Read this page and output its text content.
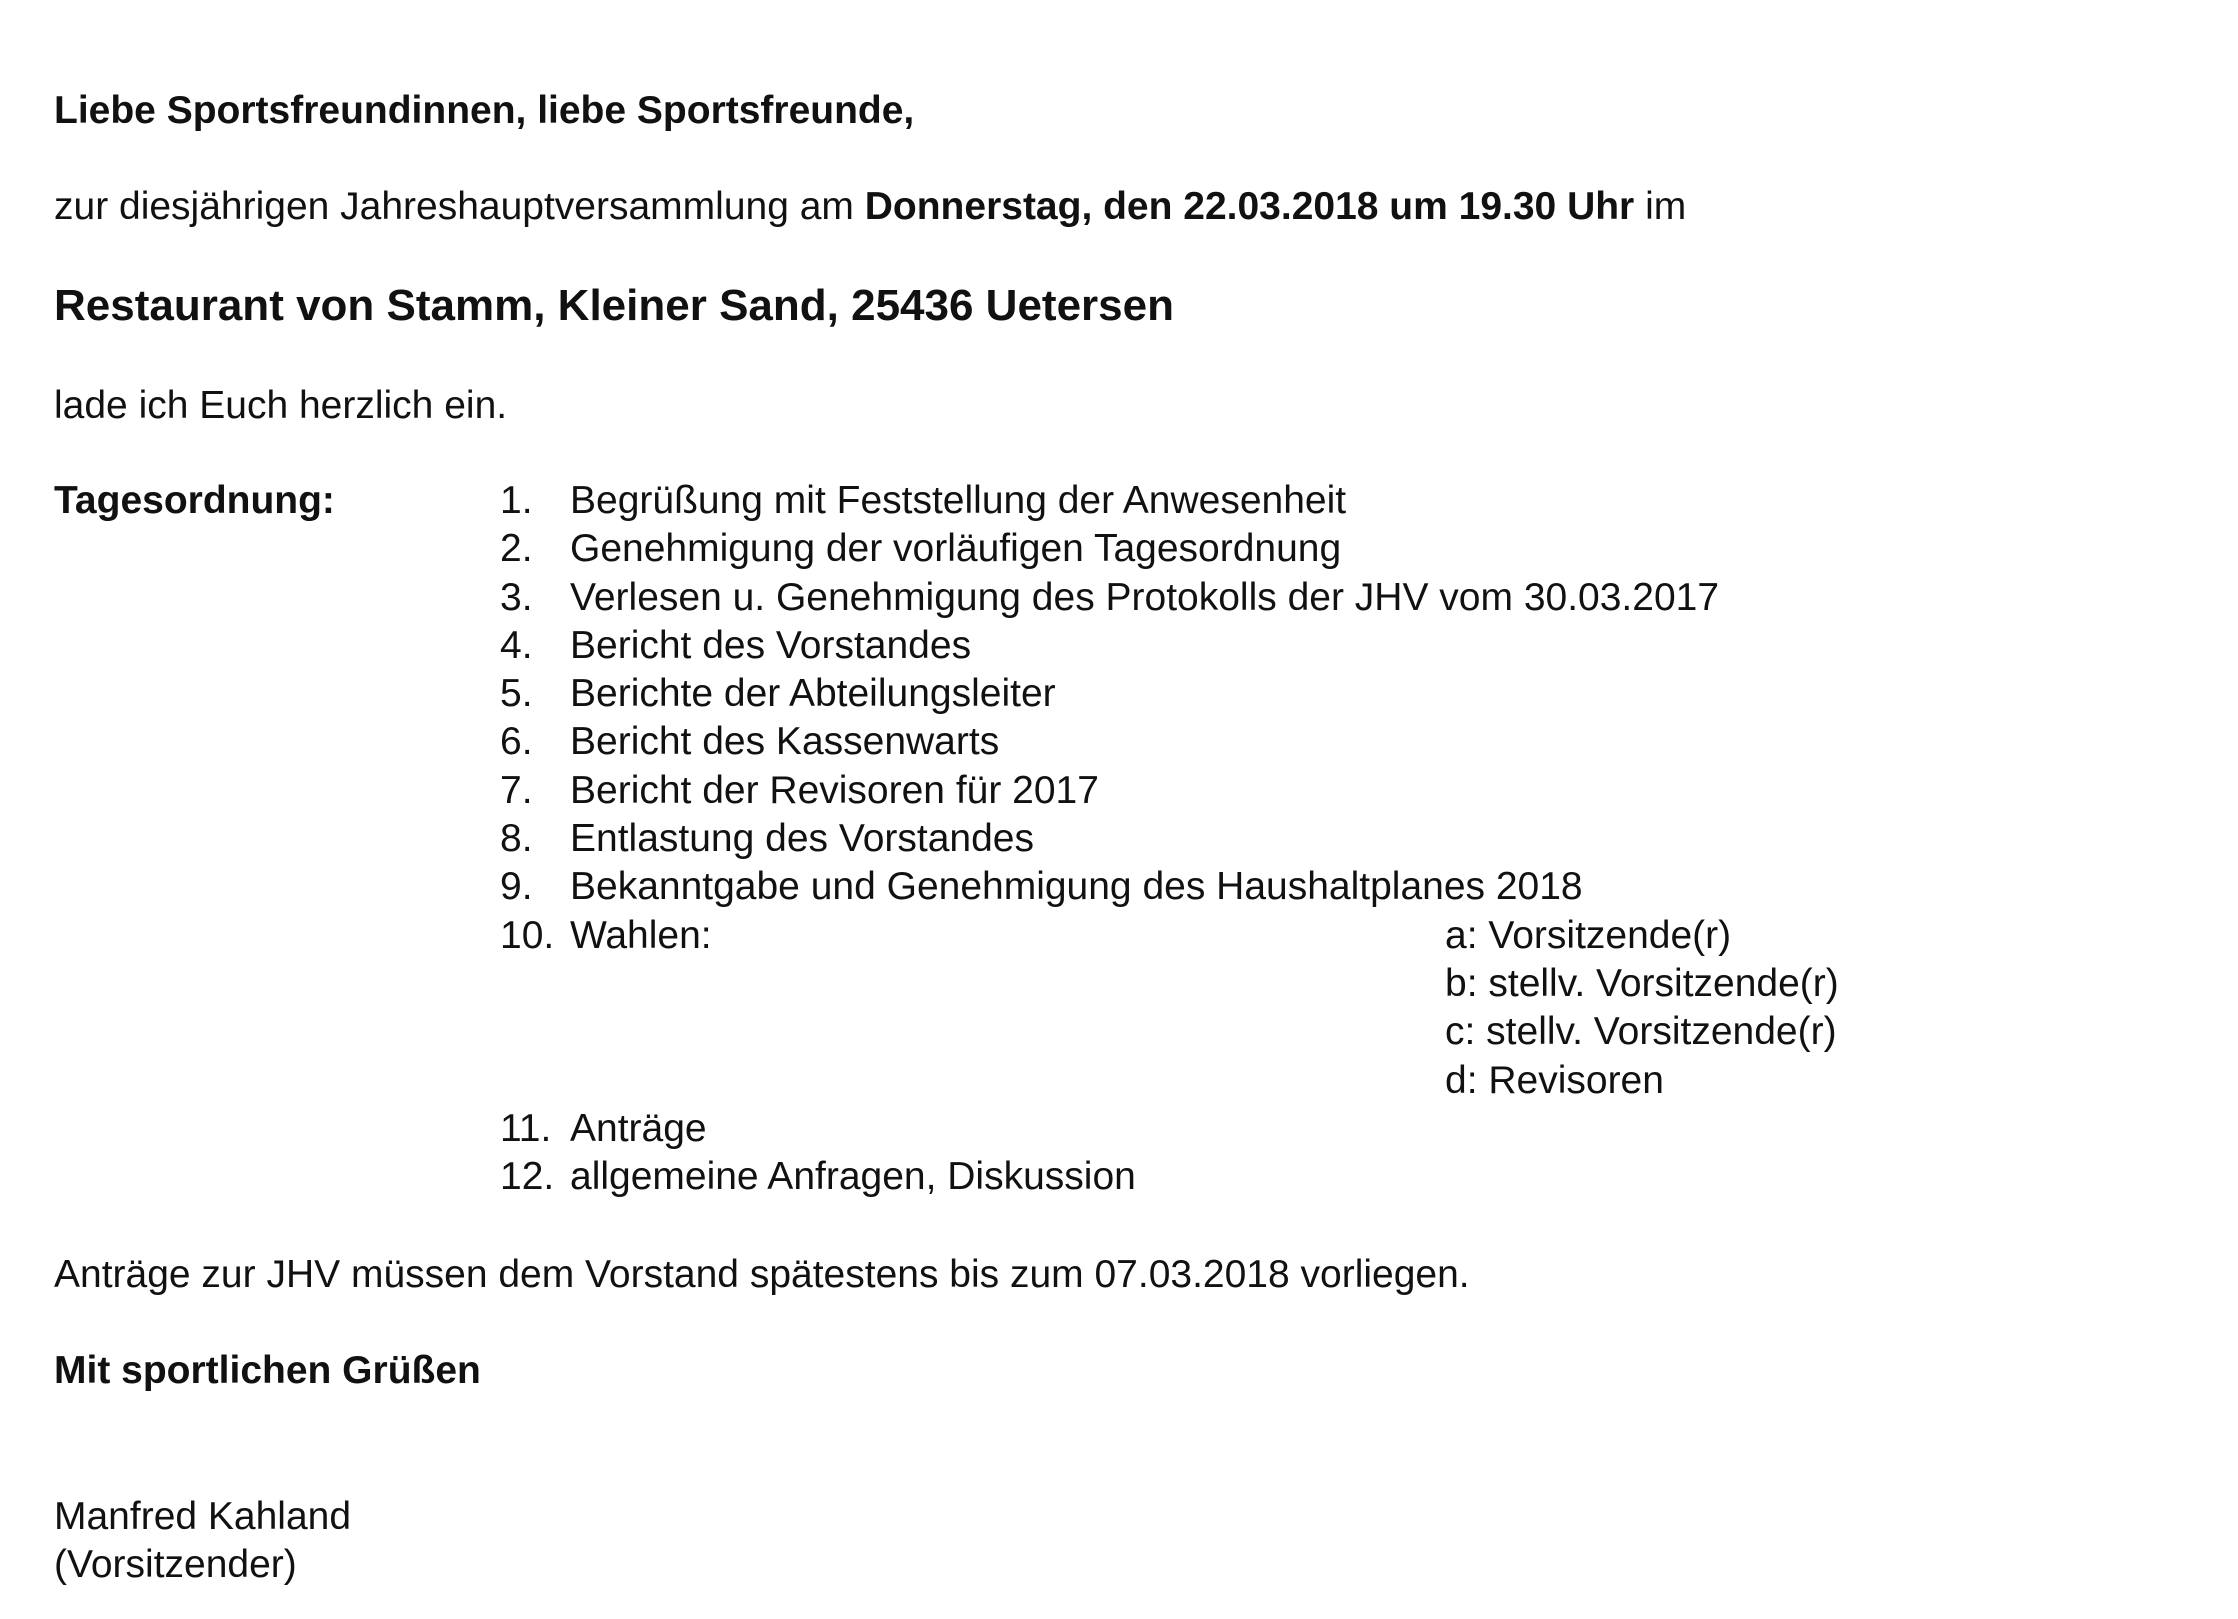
Liebe Sportsfreundinnen, liebe Sportsfreunde,
zur diesjährigen Jahreshauptversammlung am Donnerstag, den 22.03.2018 um 19.30 Uhr im
Restaurant von Stamm, Kleiner Sand, 25436 Uetersen
lade ich Euch herzlich ein.
Tagesordnung:	1. Begrüßung mit Feststellung der Anwesenheit
2. Genehmigung der vorläufigen Tagesordnung
3. Verlesen u. Genehmigung des Protokolls der JHV vom 30.03.2017
4. Bericht des Vorstandes
5. Berichte der Abteilungsleiter
6. Bericht des Kassenwarts
7. Bericht der Revisoren für 2017
8. Entlastung des Vorstandes
9. Bekanntgabe und Genehmigung des Haushaltplanes 2018
10. Wahlen:	a: Vorsitzende(r)
b: stellv. Vorsitzende(r)
c: stellv. Vorsitzende(r)
d: Revisoren
11. Anträge
12. allgemeine Anfragen, Diskussion
Anträge zur JHV müssen dem Vorstand spätestens bis zum 07.03.2018 vorliegen.
Mit sportlichen Grüßen
Manfred Kahland
(Vorsitzender)
